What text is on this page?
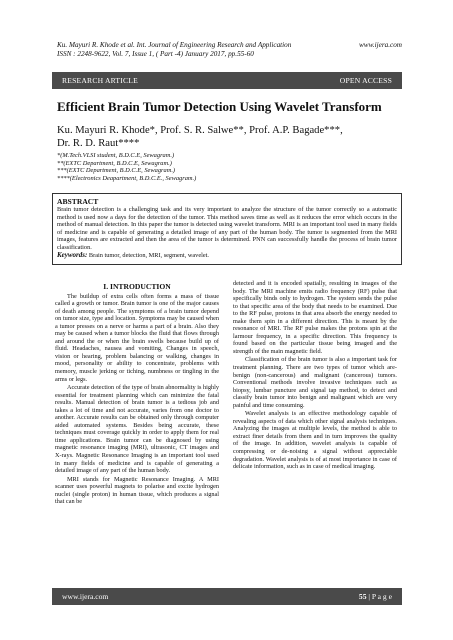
Ku. Mayuri R. Khode et al. Int. Journal of Engineering Research and Application	www.ijera.com
ISSN : 2248-9622, Vol. 7, Issue 1, ( Part -4) January 2017, pp.55-60
RESEARCH ARTICLE	OPEN ACCESS
Efficient Brain Tumor Detection Using Wavelet Transform
Ku. Mayuri R. Khode*, Prof. S. R. Salwe**, Prof. A.P. Bagade***,
Dr. R. D. Raut****
*(M.Tech.VLSI student, B.D.C.E, Sewagram.)
**(EXTC Department, B.D.C.E, Sewagram.)
***(EXTC Department, B.D.C.E, Sewagram.)
****(Electronics Deapartment, B.D.C.E., Sewagram.)
ABSTRACT
Brain tumor detection is a challenging task and its very important to analyze the structure of the tumor correctly so a automatic method is used now a days for the detection of the tumor. This method saves time as well as it reduces the error which occurs in the method of manual detection. In this paper the tumor is detected using wavelet transform. MRI is an important tool used in many fields of medicine and is capable of generating a detailed image of any part of the human body. The tumor is segmented from the MRI images, features are extracted and then the area of the tumor is determined. PNN can successfully handle the process of brain tumor classification.
Keywords: Brain tumor, detection, MRI, segment, wavelet.
I. INTRODUCTION

The buildup of extra cells often forms a mass of tissue called a growth or tumor. Brain tumor is one of the major causes of death among people. The symptoms of a brain tumor depend on tumor size, type and location. Symptoms may be caused when a tumor presses on a nerve or harms a part of a brain. Also they may be caused when a tumor blocks the fluid that flows through and around the or when the brain swells because build up of fluid. Headaches, nausea and vomiting, Changes in speech, vision or hearing, problem balancing or walking, changes in mood, personality or ability to concentrate, problems with memory, muscle jerking or tiching, numbness or tingling in the arms or legs.

Accurate detection of the type of brain abnormality is highly essential for treatment planning which can minimize the fatal results. Manual detection of brain tumor is a tedious job and takes a lot of time and not accurate, varies from one doctor to another. Accurate results can be obtained only through computer aided automated systems. Besides being accurate, these techniques must coverage quickly in order to apply them for real time applications. Brain tumor can be diagnosed by using magnetic resonance imaging (MRI), ultrasonic, CT images and X-rays. Magnetic Resonance Imaging is an important tool used in many fields of medicine and is capable of generating a detailed image of any part of the human body.

MRI stands for Magnetic Resonance Imaging. A MRI scanner uses powerful magnets to polarise and excite hydrogen nuclei (single proton) in human tissue, which produces a signal that can be

detected and it is encoded spatially, resulting in images of the body. The MRI machine emits radio frequency (RF) pulse that specifically binds only to hydrogen. The system sends the pulse to that specific area of the body that needs to be examined. Due to the RF pulse, protons in that area absorb the energy needed to make them spin in a different direction. This is meant by the resonance of MRI. The RF pulse makes the protons spin at the larmour frequency, in a specific direction. This frequency is found based on the particular tissue being imaged and the strength of the main magnetic field.

Classification of the brain tumor is also a important task for treatment planning. There are two types of tumor which are- benign (non-cancerous) and malignant (cancerous) tumors. Conventional methods involve invasive techniques such as biopsy, lumbar puncture and signal tap method, to detect and classify brain tumor into benign and malignant which are very painful and time consuming.

Wavelet analysis is an effective methodology capable of revealing aspects of data which other signal analysis techniques. Analyzing the images at multiple levels, the method is able to extract finer details from them and in turn improves the quality of the image. In addition, wavelet analysis is capable of compressing or de-noising a signal without appreciable degradation. Wavelet analysis is of at most importance in case of delicate information, such as in case of medical imaging.

www.ijera.com	55 | P a g e
